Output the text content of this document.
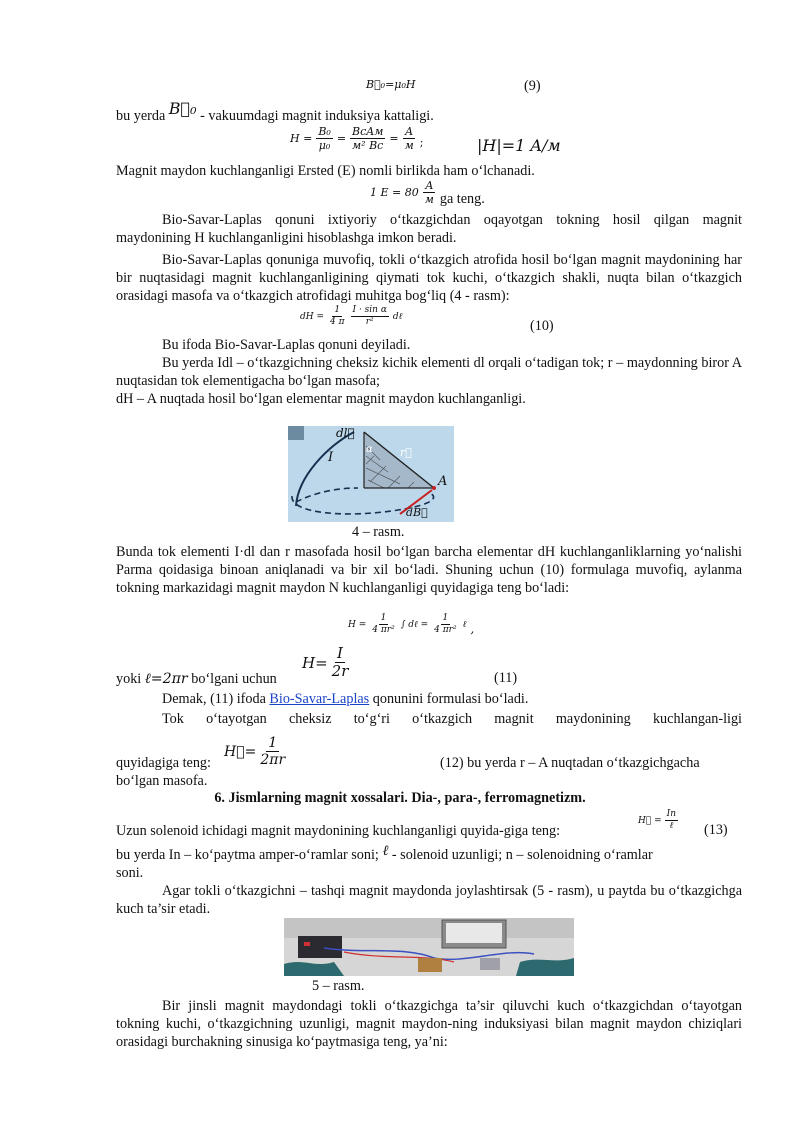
B⃗₀=μ₀H	(9)
bu yerda B⃗₀ - vakuumdagi magnit induksiya kattaligi.
$H = \frac{\text{B₀}}{\text{μ₀}} = \frac{\text{BcAм}}{\text{м² Bc}} = \frac{A}{м}$ ;	|H|=1 A/м
Magnit maydon kuchlanganligi Ersted (E) nomli birlikda ham o‘lchanadi.
1 $E = 80 \frac{A}{м}$ ga teng.
Bio-Savar-Laplas qonuni ixtiyoriy o‘tkazgichdan oqayotgan tokning hosil qilgan magnit maydonining H kuchlanganligini hisoblashga imkon beradi.
Bio-Savar-Laplas qonuniga muvofiq, tokli o‘tkazgich atrofida hosil bo‘lgan magnit maydonining har bir nuqtasidagi magnit kuchlanganligining qiymati tok kuchi, o‘tkazgich shakli, nuqta bilan o‘tkazgich orasidagi masofa va o‘tkazgich atrofidagi muhitga bog‘liq (4 - rasm):
dH = $\frac{1}{4 \pi} \frac{\text{I · sin α}}{\text{r²}}$ dℓ
(10)
Bu ifoda Bio-Savar-Laplas qonuni deyiladi.
Bu yerda Idl – o‘tkazgichning cheksiz kichik elementi dl orqali o‘tadigan tok; r – maydonning biror A nuqtasidan tok elementigacha bo‘lgan masofa;
dH – A nuqtada hosil bo‘lgan elementar magnit maydon kuchlanganligi.
dl⃗
I
α r⃗
A
dB⃗
4 – rasm.
Bunda tok elementi I·dl dan r masofada hosil bo‘lgan barcha elementar dH kuchlanganliklarning yo‘nalishi Parma qoidasiga binoan aniqlanadi va bir xil bo‘ladi. Shuning uchun (10) formulaga muvofiq, aylanma tokning markazidagi magnit maydon N kuchlanganligi quyidagiga teng bo‘ladi:
$H = \frac{1}{\text{4 πr²}}$ ∫ dℓ = $\frac{1}{\text{4 πr²}}$ ℓ ,
yoki ℓ=2πr bo‘lgani uchun
$H= \frac{I}{2r}$	(11)
Demak, (11) ifoda Bio-Savar-Laplas qonunini formulasi bo‘ladi.
Tok o‘tayotgan cheksiz to‘g‘ri o‘tkazgich magnit maydonining kuchlangan-ligi
quyidagiga teng:
H⃗= $\frac{1}{2\pi r}$	(12) bu yerda r – A nuqtadan o‘tkazgichgacha
bo‘lgan masofa.
6. Jismlarning magnit xossalari. Dia-, para-, ferromagnetizm.
Uzun solenoid ichidagi magnit maydonining kuchlanganligi quyida-giga teng:
H⃗ = $\frac{In}{\text{ℓ}} (13)$
bu yerda In – ko‘paytma amper-o‘ramlar soni; ℓ - solenoid uzunligi; n – solenoidning o‘ramlar
soni.
Agar tokli o‘tkazgichni – tashqi magnit maydonda joylashtirsak (5 - rasm), u paytda bu o‘tkazgichga kuch ta’sir etadi.
5 – rasm.
Bir jinsli magnit maydondagi tokli o‘tkazgichga ta’sir qiluvchi kuch o‘tkazgichdan o‘tayotgan tokning kuchi, o‘tkazgichning uzunligi, magnit maydon-ning induksiyasi bilan magnit maydon chiziqlari orasidagi burchakning sinusiga ko‘paytmasiga teng, ya’ni:
